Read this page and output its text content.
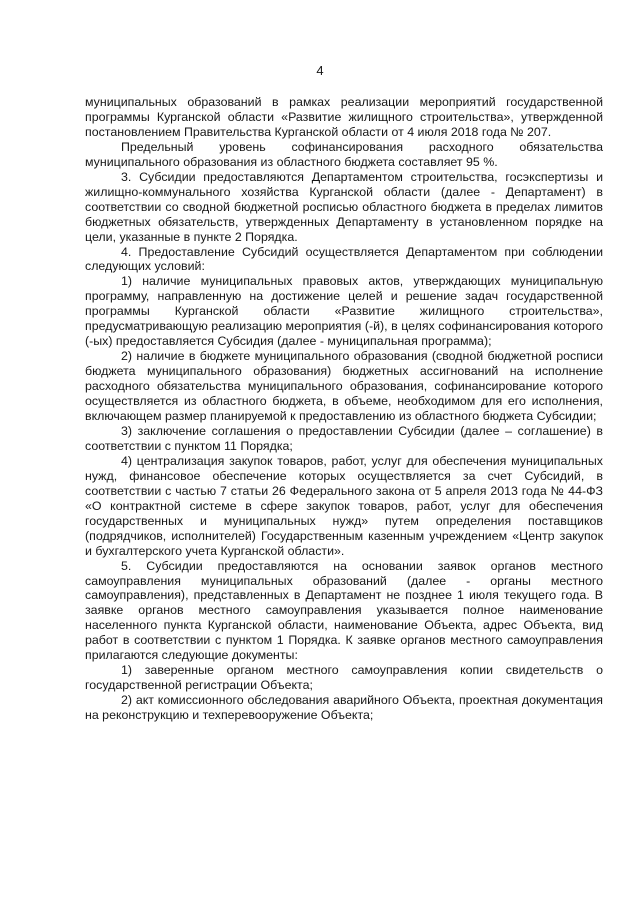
4

муниципальных образований в рамках реализации мероприятий государственной программы Курганской области «Развитие жилищного строительства», утвержденной постановлением Правительства Курганской области от 4 июля 2018 года № 207.

Предельный уровень софинансирования расходного обязательства муниципального образования из областного бюджета составляет 95 %.

3. Субсидии предоставляются Департаментом строительства, госэкспертизы и жилищно-коммунального хозяйства Курганской области (далее - Департамент) в соответствии со сводной бюджетной росписью областного бюджета в пределах лимитов бюджетных обязательств, утвержденных Департаменту в установленном порядке на цели, указанные в пункте 2 Порядка.

4. Предоставление Субсидий осуществляется Департаментом при соблюдении следующих условий:

1) наличие муниципальных правовых актов, утверждающих муниципальную программу, направленную на достижение целей и решение задач государственной программы Курганской области «Развитие жилищного строительства», предусматривающую реализацию мероприятия (-й), в целях софинансирования которого (-ых) предоставляется Субсидия (далее - муниципальная программа);

2) наличие в бюджете муниципального образования (сводной бюджетной росписи бюджета муниципального образования) бюджетных ассигнований на исполнение расходного обязательства муниципального образования, софинансирование которого осуществляется из областного бюджета, в объеме, необходимом для его исполнения, включающем размер планируемой к предоставлению из областного бюджета Субсидии;

3) заключение соглашения о предоставлении Субсидии (далее – соглашение) в соответствии с пунктом 11 Порядка;

4) централизация закупок товаров, работ, услуг для обеспечения муниципальных нужд, финансовое обеспечение которых осуществляется за счет Субсидий, в соответствии с частью 7 статьи 26 Федерального закона от 5 апреля 2013 года № 44-ФЗ «О контрактной системе в сфере закупок товаров, работ, услуг для обеспечения государственных и муниципальных нужд» путем определения поставщиков (подрядчиков, исполнителей) Государственным казенным учреждением «Центр закупок и бухгалтерского учета Курганской области».

5. Субсидии предоставляются на основании заявок органов местного самоуправления муниципальных образований (далее - органы местного самоуправления), представленных в Департамент не позднее 1 июля текущего года. В заявке органов местного самоуправления указывается полное наименование населенного пункта Курганской области, наименование Объекта, адрес Объекта, вид работ в соответствии с пунктом 1 Порядка. К заявке органов местного самоуправления прилагаются следующие документы:

1) заверенные органом местного самоуправления копии свидетельств о государственной регистрации Объекта;

2) акт комиссионного обследования аварийного Объекта, проектная документация на реконструкцию и техперевооружение Объекта;
